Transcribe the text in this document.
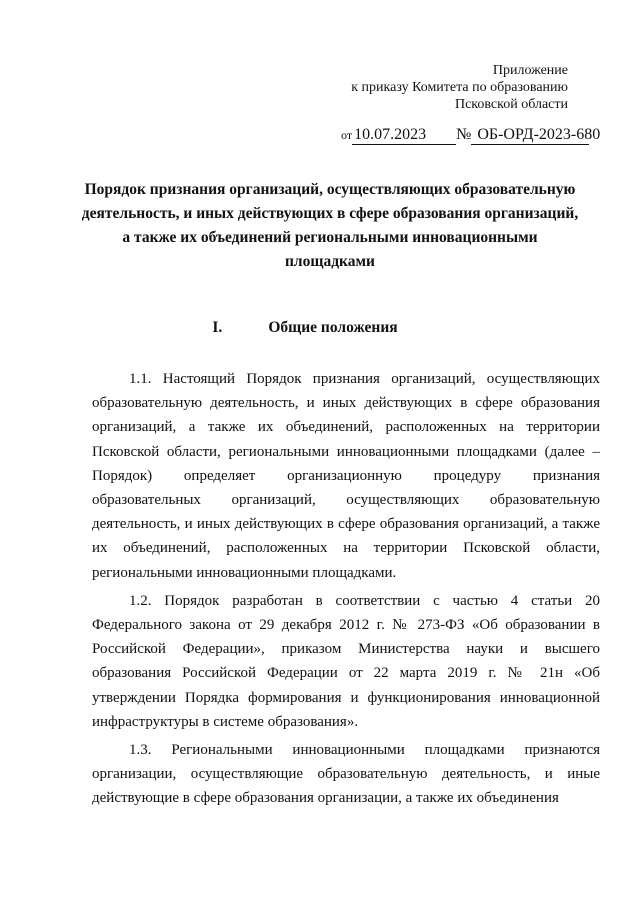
Приложение
к приказу Комитета по образованию
Псковской области
от 10.07.2023 № ОБ-ОРД-2023-680
Порядок признания организаций, осуществляющих образовательную деятельность, и иных действующих в сфере образования организаций, а также их объединений региональными инновационными площадками
I.	Общие положения

1.1. Настоящий Порядок признания организаций, осуществляющих образовательную деятельность, и иных действующих в сфере образования организаций, а также их объединений, расположенных на территории Псковской области, региональными инновационными площадками (далее – Порядок) определяет организационную процедуру признания образовательных организаций, осуществляющих образовательную деятельность, и иных действующих в сфере образования организаций, а также их объединений, расположенных на территории Псковской области, региональными инновационными площадками.

1.2. Порядок разработан в соответствии с частью 4 статьи 20 Федерального закона от 29 декабря 2012 г. № 273-ФЗ «Об образовании в Российской Федерации», приказом Министерства науки и высшего образования Российской Федерации от 22 марта 2019 г. № 21н «Об утверждении Порядка формирования и функционирования инновационной инфраструктуры в системе образования».

1.3. Региональными инновационными площадками признаются организации, осуществляющие образовательную деятельность, и иные действующие в сфере образования организации, а также их объединения
